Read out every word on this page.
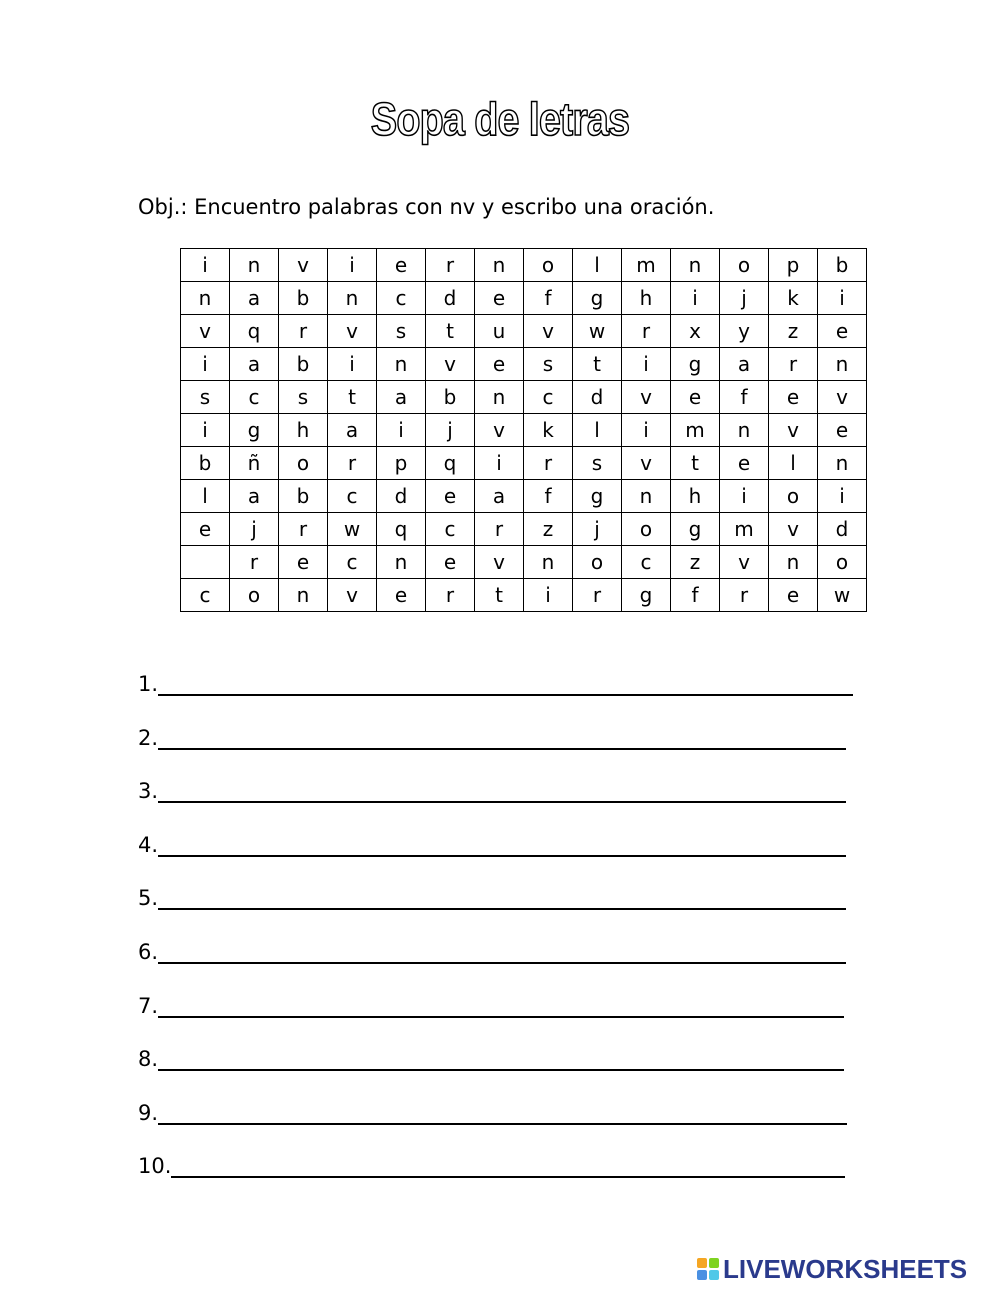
Sopa de letras
Obj.: Encuentro palabras con nv y escribo una oración.
i	n	v	i	e	r	n	o	l	m	n	o	p	b
n	a	b	n	c	d	e	f	g	h	i	j	k	i
v	q	r	v	s	t	u	v	w	r	x	y	z	e
i	a	b	i	n	v	e	s	t	i	g	a	r	n
s	c	s	t	a	b	n	c	d	v	e	f	e	v
i	g	h	a	i	j	v	k	l	i	m	n	v	e
b	ñ	o	r	p	q	i	r	s	v	t	e	l	n
l	a	b	c	d	e	a	f	g	n	h	i	o	i
e	j	r	w	q	c	r	z	j	o	g	m	v	d
	r	e	c	n	e	v	n	o	c	z	v	n	o
c	o	n	v	e	r	t	i	r	g	f	r	e	w
1.
2.
3.
4.
5.
6.
7.
8.
9.
10.
LIVEWORKSHEETS
